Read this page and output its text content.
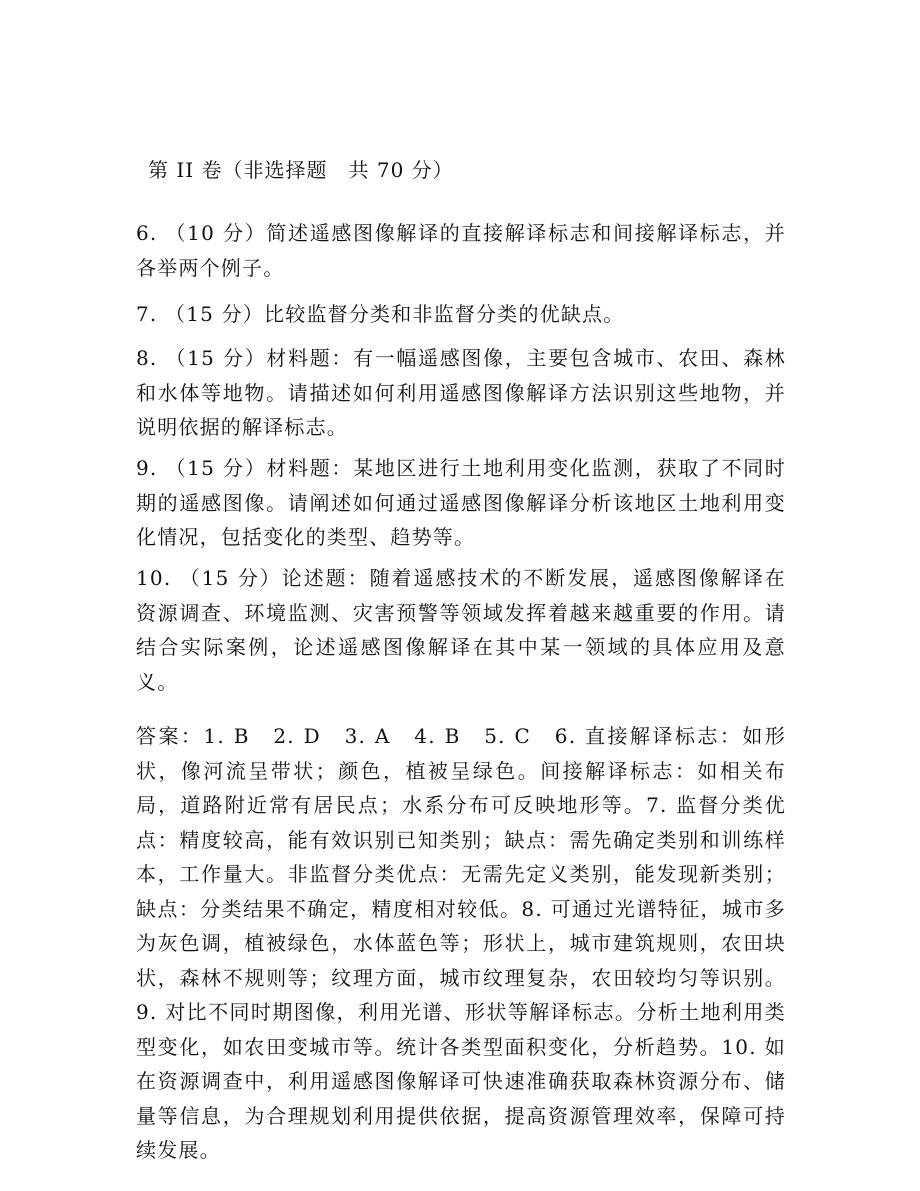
第 II 卷（非选择题　共 70 分）

6. （10 分）简述遥感图像解译的直接解译标志和间接解译标志，并各举两个例子。

7. （15 分）比较监督分类和非监督分类的优缺点。

8. （15 分）材料题：有一幅遥感图像，主要包含城市、农田、森林和水体等地物。请描述如何利用遥感图像解译方法识别这些地物，并说明依据的解译标志。

9. （15 分）材料题：某地区进行土地利用变化监测，获取了不同时期的遥感图像。请阐述如何通过遥感图像解译分析该地区土地利用变化情况，包括变化的类型、趋势等。

10. （15 分）论述题：随着遥感技术的不断发展，遥感图像解译在资源调查、环境监测、灾害预警等领域发挥着越来越重要的作用。请结合实际案例，论述遥感图像解译在其中某一领域的具体应用及意义。

答案：1. B　2. D　3. A　4. B　5. C　6. 直接解译标志：如形状，像河流呈带状；颜色，植被呈绿色。间接解译标志：如相关布局，道路附近常有居民点；水系分布可反映地形等。7. 监督分类优点：精度较高，能有效识别已知类别；缺点：需先确定类别和训练样本，工作量大。非监督分类优点：无需先定义类别，能发现新类别；缺点：分类结果不确定，精度相对较低。8. 可通过光谱特征，城市多为灰色调，植被绿色，水体蓝色等；形状上，城市建筑规则，农田块状，森林不规则等；纹理方面，城市纹理复杂，农田较均匀等识别。9. 对比不同时期图像，利用光谱、形状等解译标志。分析土地利用类型变化，如农田变城市等。统计各类型面积变化，分析趋势。10. 如在资源调查中，利用遥感图像解译可快速准确获取森林资源分布、储量等信息，为合理规划利用提供依据，提高资源管理效率，保障可持续发展。
